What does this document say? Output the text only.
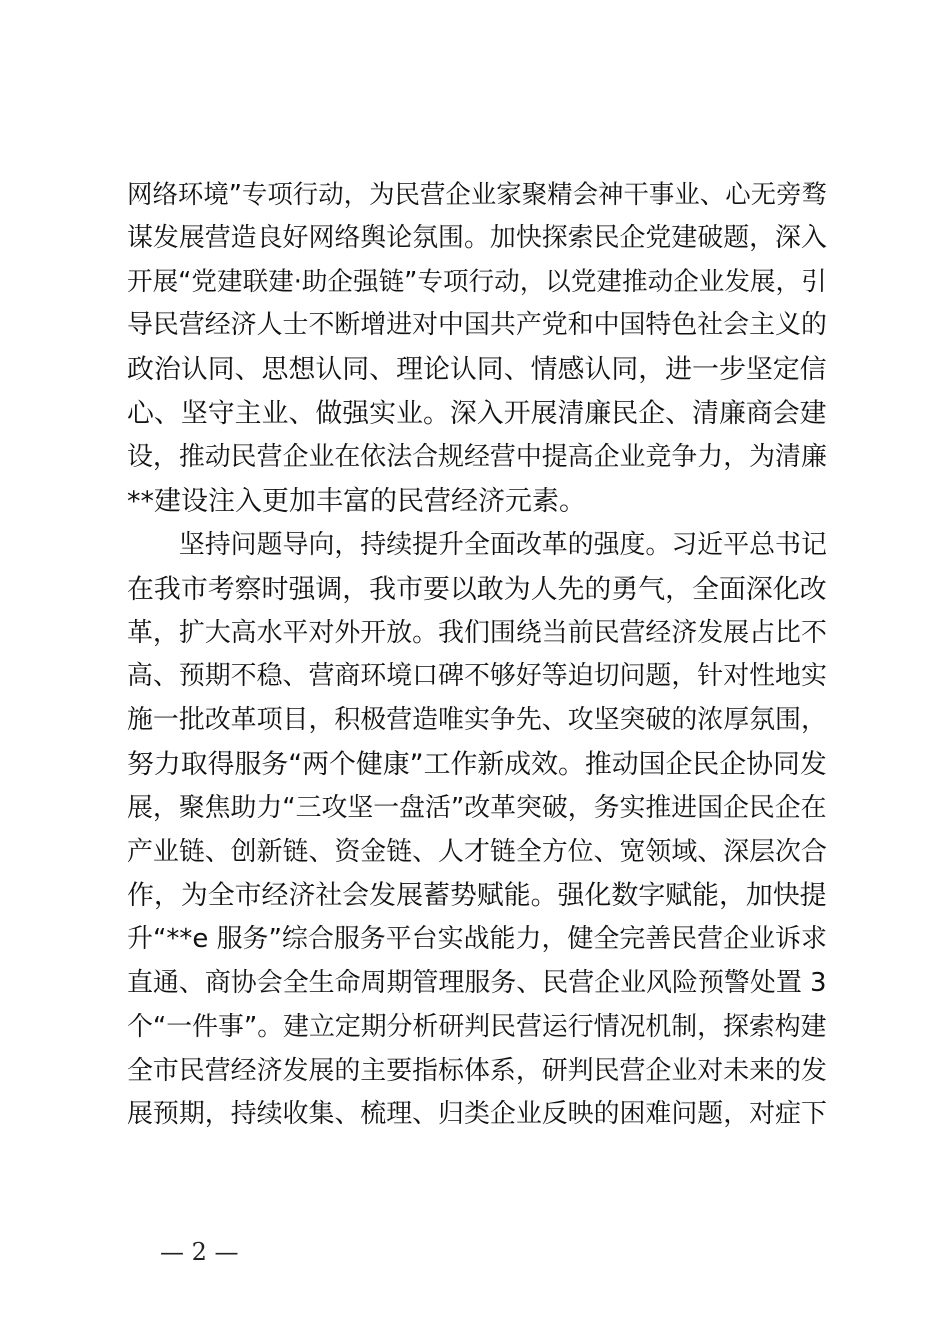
网络环境”专项行动，为民营企业家聚精会神干事业、心无旁骛
谋发展营造良好网络舆论氛围。加快探索民企党建破题，深入
开展“党建联建·助企强链”专项行动，以党建推动企业发展，引
导民营经济人士不断增进对中国共产党和中国特色社会主义的
政治认同、思想认同、理论认同、情感认同，进一步坚定信
心、坚守主业、做强实业。深入开展清廉民企、清廉商会建
设，推动民营企业在依法合规经营中提高企业竞争力，为清廉
**建设注入更加丰富的民营经济元素。
　　坚持问题导向，持续提升全面改革的强度。习近平总书记
在我市考察时强调，我市要以敢为人先的勇气，全面深化改
革，扩大高水平对外开放。我们围绕当前民营经济发展占比不
高、预期不稳、营商环境口碑不够好等迫切问题，针对性地实
施一批改革项目，积极营造唯实争先、攻坚突破的浓厚氛围，
努力取得服务“两个健康”工作新成效。推动国企民企协同发
展，聚焦助力“三攻坚一盘活”改革突破，务实推进国企民企在
产业链、创新链、资金链、人才链全方位、宽领域、深层次合
作，为全市经济社会发展蓄势赋能。强化数字赋能，加快提
升“**e 服务”综合服务平台实战能力，健全完善民营企业诉求
直通、商协会全生命周期管理服务、民营企业风险预警处置 3
个“一件事”。建立定期分析研判民营运行情况机制，探索构建
全市民营经济发展的主要指标体系，研判民营企业对未来的发
展预期，持续收集、梳理、归类企业反映的困难问题，对症下
— 2 —
